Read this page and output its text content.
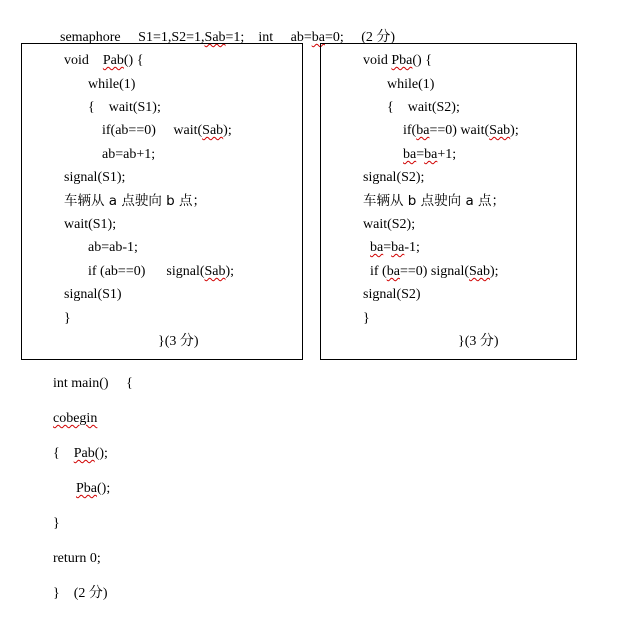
semaphore S1=1,S2=1,Sab=1; int ab=ba=0; (2 分)

void Pab() {
while(1)
{ wait(S1);
if(ab==0) wait(Sab);
ab=ab+1;
signal(S1);
车辆从 a 点驶向 b 点；
wait(S1);
ab=ab-1;
if (ab==0) signal(Sab);
signal(S1)
}
}(3 分)
void Pba() {
while(1)
{ wait(S2);
if(ba==0) wait(Sab);
ba=ba+1;
signal(S2);
车辆从 b 点驶向 a 点；
wait(S2);
ba=ba-1;
if (ba==0) signal(Sab);
signal(S2)
}
}(3 分)
int main()     {
cobegin
{ Pab();
Pba();
}
return 0;
}    (2 分)
